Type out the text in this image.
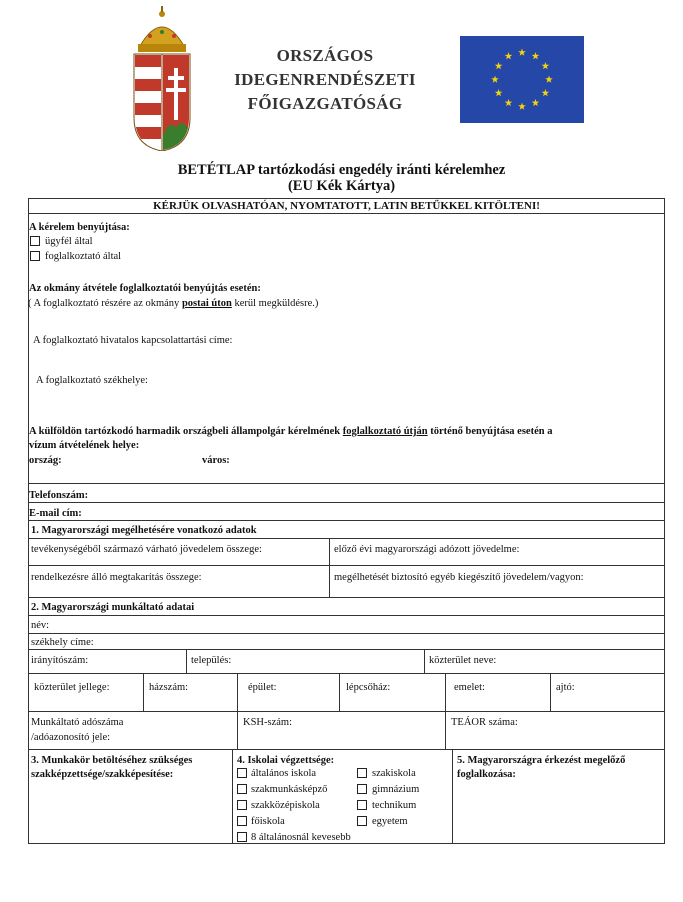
ORSZÁGOS
IDEGENRENDÉSZETI
FŐIGAZGATÓSÁG
BETÉTLAP tartózkodási engedély iránti kérelemhez
(EU Kék Kártya)
KÉRJÜK OLVASHATÓAN, NYOMTATOTT, LATIN BETŰKKEL KITÖLTENI!
A kérelem benyújtása:
ügyfél által
foglalkoztató által
Az okmány átvétele foglalkoztatói benyújtás esetén:
( A foglalkoztató részére az okmány postai úton kerül megküldésre.)
A foglalkoztató hivatalos kapcsolattartási címe:
A foglalkoztató székhelye:
A külföldön tartózkodó harmadik országbeli állampolgár kérelmének foglalkoztató útján történő benyújtása esetén a
vízum átvételének helye:
ország:	város:
Telefonszám:
E-mail cím:
1. Magyarországi megélhetésére vonatkozó adatok
tevékenységéből származó várható jövedelem összege:	előző évi magyarországi adózott jövedelme:
rendelkezésre álló megtakarítás összege:	megélhetését biztosító egyéb kiegészítő jövedelem/vagyon:
2. Magyarországi munkáltató adatai
név:
székhely címe:
irányítószám:	település:	közterület neve:
közterület jellege:	házszám:	épület:	lépcsőház:	emelet:	ajtó:
Munkáltató adószáma
/adóazonosító jele:
KSH-szám:	TEÁOR száma:
3. Munkakör betöltéséhez szükséges
szakképzettsége/szakképesítése:
4. Iskolai végzettsége:
általános iskola
szakmunkásképző
szakközépiskola
főiskola
8 általánosnál kevesebb
szakiskola
gimnázium
technikum
egyetem
5. Magyarországra érkezést megelőző
foglalkozása:
